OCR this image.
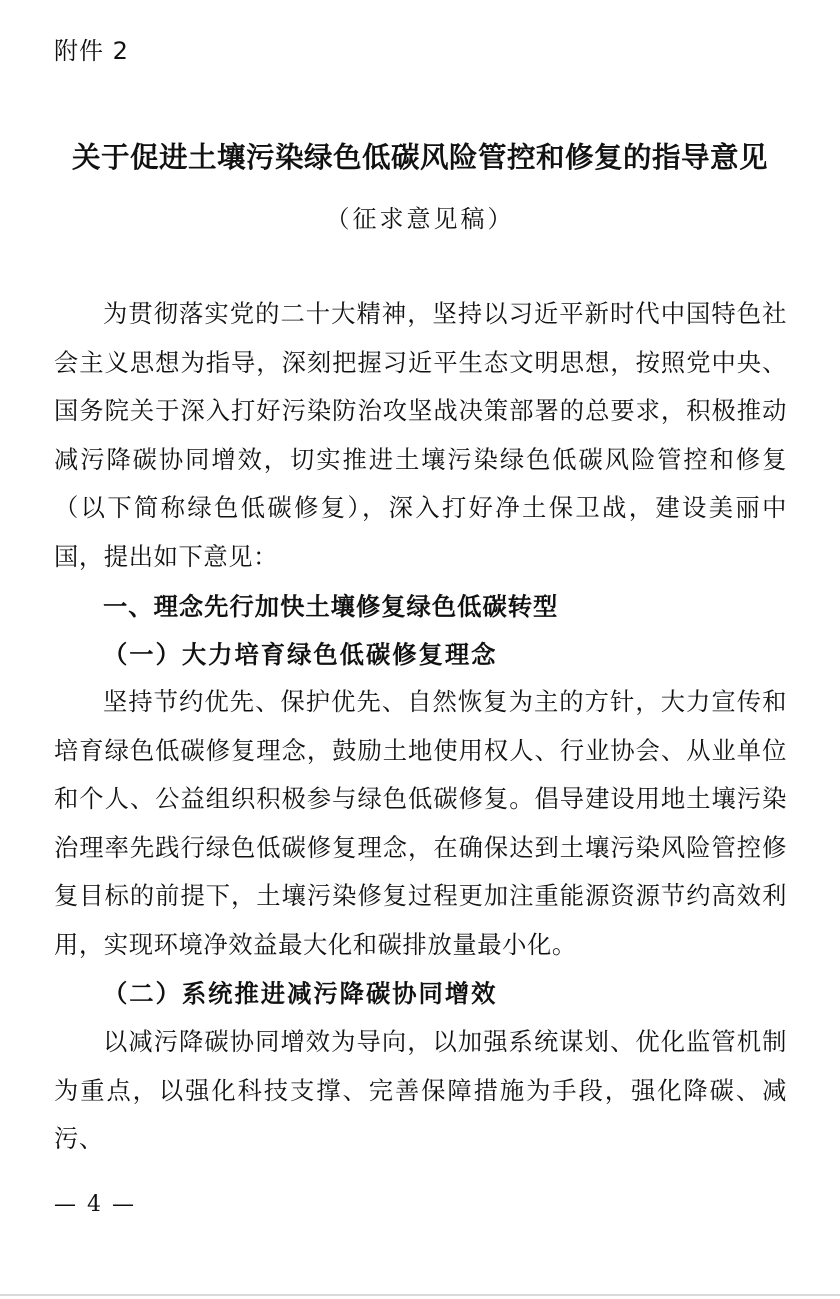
附件 2
关于促进土壤污染绿色低碳风险管控和修复的指导意见
（征求意见稿）
为贯彻落实党的二十大精神，坚持以习近平新时代中国特色社会主义思想为指导，深刻把握习近平生态文明思想，按照党中央、国务院关于深入打好污染防治攻坚战决策部署的总要求，积极推动减污降碳协同增效，切实推进土壤污染绿色低碳风险管控和修复（以下简称绿色低碳修复），深入打好净土保卫战，建设美丽中国，提出如下意见：
一、理念先行加快土壤修复绿色低碳转型
（一）大力培育绿色低碳修复理念
坚持节约优先、保护优先、自然恢复为主的方针，大力宣传和培育绿色低碳修复理念，鼓励土地使用权人、行业协会、从业单位和个人、公益组织积极参与绿色低碳修复。倡导建设用地土壤污染治理率先践行绿色低碳修复理念，在确保达到土壤污染风险管控修复目标的前提下，土壤污染修复过程更加注重能源资源节约高效利用，实现环境净效益最大化和碳排放量最小化。
（二）系统推进减污降碳协同增效
以减污降碳协同增效为导向，以加强系统谋划、优化监管机制为重点，以强化科技支撑、完善保障措施为手段，强化降碳、减污、
— 4 —
